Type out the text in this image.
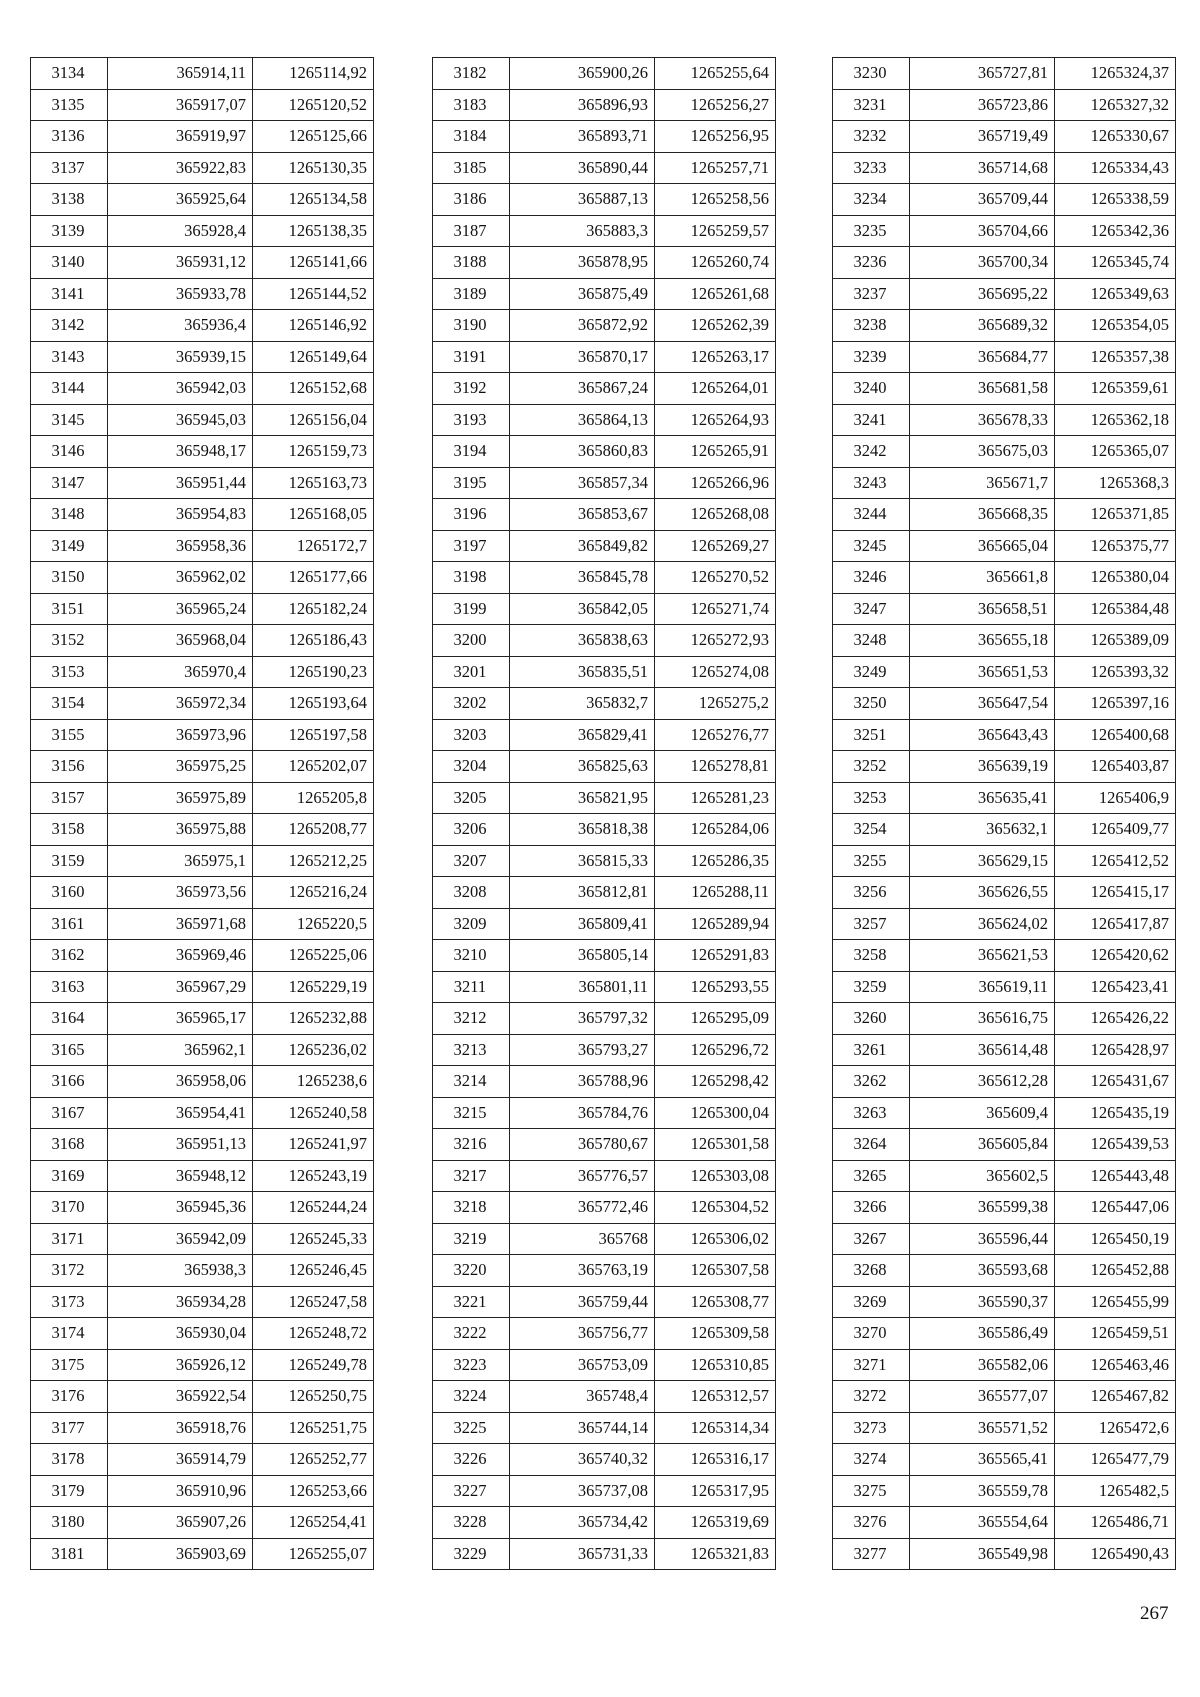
3134	365914,11	1265114,92
3135	365917,07	1265120,52
3136	365919,97	1265125,66
3137	365922,83	1265130,35
3138	365925,64	1265134,58
3139	365928,4	1265138,35
3140	365931,12	1265141,66
3141	365933,78	1265144,52
3142	365936,4	1265146,92
3143	365939,15	1265149,64
3144	365942,03	1265152,68
3145	365945,03	1265156,04
3146	365948,17	1265159,73
3147	365951,44	1265163,73
3148	365954,83	1265168,05
3149	365958,36	1265172,7
3150	365962,02	1265177,66
3151	365965,24	1265182,24
3152	365968,04	1265186,43
3153	365970,4	1265190,23
3154	365972,34	1265193,64
3155	365973,96	1265197,58
3156	365975,25	1265202,07
3157	365975,89	1265205,8
3158	365975,88	1265208,77
3159	365975,1	1265212,25
3160	365973,56	1265216,24
3161	365971,68	1265220,5
3162	365969,46	1265225,06
3163	365967,29	1265229,19
3164	365965,17	1265232,88
3165	365962,1	1265236,02
3166	365958,06	1265238,6
3167	365954,41	1265240,58
3168	365951,13	1265241,97
3169	365948,12	1265243,19
3170	365945,36	1265244,24
3171	365942,09	1265245,33
3172	365938,3	1265246,45
3173	365934,28	1265247,58
3174	365930,04	1265248,72
3175	365926,12	1265249,78
3176	365922,54	1265250,75
3177	365918,76	1265251,75
3178	365914,79	1265252,77
3179	365910,96	1265253,66
3180	365907,26	1265254,41
3181	365903,69	1265255,07
3182	365900,26	1265255,64
3183	365896,93	1265256,27
3184	365893,71	1265256,95
3185	365890,44	1265257,71
3186	365887,13	1265258,56
3187	365883,3	1265259,57
3188	365878,95	1265260,74
3189	365875,49	1265261,68
3190	365872,92	1265262,39
3191	365870,17	1265263,17
3192	365867,24	1265264,01
3193	365864,13	1265264,93
3194	365860,83	1265265,91
3195	365857,34	1265266,96
3196	365853,67	1265268,08
3197	365849,82	1265269,27
3198	365845,78	1265270,52
3199	365842,05	1265271,74
3200	365838,63	1265272,93
3201	365835,51	1265274,08
3202	365832,7	1265275,2
3203	365829,41	1265276,77
3204	365825,63	1265278,81
3205	365821,95	1265281,23
3206	365818,38	1265284,06
3207	365815,33	1265286,35
3208	365812,81	1265288,11
3209	365809,41	1265289,94
3210	365805,14	1265291,83
3211	365801,11	1265293,55
3212	365797,32	1265295,09
3213	365793,27	1265296,72
3214	365788,96	1265298,42
3215	365784,76	1265300,04
3216	365780,67	1265301,58
3217	365776,57	1265303,08
3218	365772,46	1265304,52
3219	365768	1265306,02
3220	365763,19	1265307,58
3221	365759,44	1265308,77
3222	365756,77	1265309,58
3223	365753,09	1265310,85
3224	365748,4	1265312,57
3225	365744,14	1265314,34
3226	365740,32	1265316,17
3227	365737,08	1265317,95
3228	365734,42	1265319,69
3229	365731,33	1265321,83
3230	365727,81	1265324,37
3231	365723,86	1265327,32
3232	365719,49	1265330,67
3233	365714,68	1265334,43
3234	365709,44	1265338,59
3235	365704,66	1265342,36
3236	365700,34	1265345,74
3237	365695,22	1265349,63
3238	365689,32	1265354,05
3239	365684,77	1265357,38
3240	365681,58	1265359,61
3241	365678,33	1265362,18
3242	365675,03	1265365,07
3243	365671,7	1265368,3
3244	365668,35	1265371,85
3245	365665,04	1265375,77
3246	365661,8	1265380,04
3247	365658,51	1265384,48
3248	365655,18	1265389,09
3249	365651,53	1265393,32
3250	365647,54	1265397,16
3251	365643,43	1265400,68
3252	365639,19	1265403,87
3253	365635,41	1265406,9
3254	365632,1	1265409,77
3255	365629,15	1265412,52
3256	365626,55	1265415,17
3257	365624,02	1265417,87
3258	365621,53	1265420,62
3259	365619,11	1265423,41
3260	365616,75	1265426,22
3261	365614,48	1265428,97
3262	365612,28	1265431,67
3263	365609,4	1265435,19
3264	365605,84	1265439,53
3265	365602,5	1265443,48
3266	365599,38	1265447,06
3267	365596,44	1265450,19
3268	365593,68	1265452,88
3269	365590,37	1265455,99
3270	365586,49	1265459,51
3271	365582,06	1265463,46
3272	365577,07	1265467,82
3273	365571,52	1265472,6
3274	365565,41	1265477,79
3275	365559,78	1265482,5
3276	365554,64	1265486,71
3277	365549,98	1265490,43
267
